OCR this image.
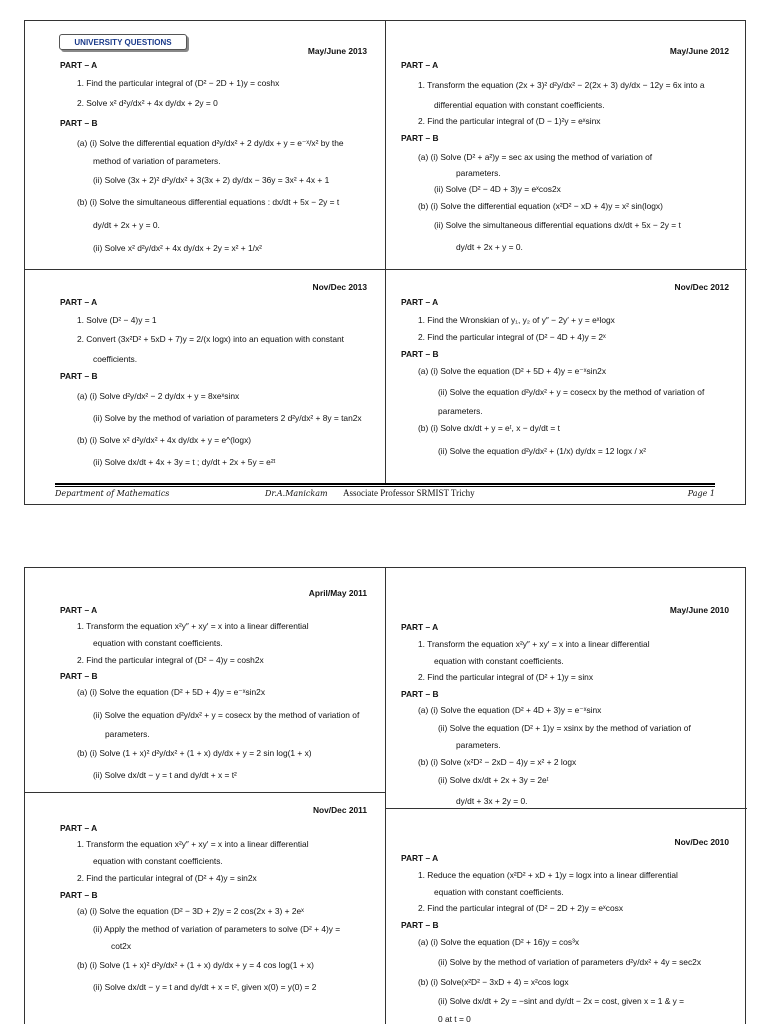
UNIVERSITY QUESTIONS
May/June 2013
PART – A
1. Find the particular integral of (D² − 2D + 1)y = coshx
2. Solve x² d²y/dx² + 4x dy/dx + 2y = 0
PART – B
(a) (i) Solve the differential equation d²y/dx² + 2 dy/dx + y = e⁻ˣ/x² by the
method of variation of parameters.
(ii) Solve (3x + 2)² d²y/dx² + 3(3x + 2) dy/dx − 36y = 3x² + 4x + 1
(b) (i) Solve the simultaneous differential equations : dx/dt + 5x − 2y = t
dy/dt + 2x + y = 0.
(ii) Solve x² d²y/dx² + 4x dy/dx + 2y = x² + 1/x²
May/June 2012
PART – A
1. Transform the equation (2x + 3)² d²y/dx² − 2(2x + 3) dy/dx − 12y = 6x into a
differential equation with constant coefficients.
2. Find the particular integral of (D − 1)²y = eˣsinx
PART – B
(a) (i) Solve (D² + a²)y = sec ax using the method of variation of
parameters.
(ii) Solve (D² − 4D + 3)y = eˣcos2x
(b) (i) Solve the differential equation (x²D² − xD + 4)y = x² sin(logx)
(ii) Solve the simultaneous differential equations dx/dt + 5x − 2y = t
dy/dt + 2x + y = 0.
Nov/Dec 2013
PART – A
1. Solve (D² − 4)y = 1
2. Convert (3x²D² + 5xD + 7)y = 2/(x logx) into an equation with constant
coefficients.
PART – B
(a) (i) Solve d²y/dx² − 2 dy/dx + y = 8xeˣsinx
(ii) Solve by the method of variation of parameters 2 d²y/dx² + 8y = tan2x
(b) (i) Solve x² d²y/dx² + 4x dy/dx + y = e^(logx)
(ii) Solve dx/dt + 4x + 3y = t ; dy/dt + 2x + 5y = e²ᵗ
Nov/Dec 2012
PART – A
1. Find the Wronskian of y₁, y₂ of y″ − 2y′ + y = eˣlogx
2. Find the particular integral of (D² − 4D + 4)y = 2ˣ
PART – B
(a) (i) Solve the equation (D² + 5D + 4)y = e⁻ˣsin2x
(ii) Solve the equation d²y/dx² + y = cosecx by the method of variation of
parameters.
(b) (i) Solve dx/dt + y = eᵗ, x − dy/dt = t
(ii) Solve the equation d²y/dx² + (1/x) dy/dx = 12 logx / x²
Department of Mathematics	Dr.A.Manickam Associate Professor SRMIST Trichy	Page 1
April/May 2011
PART – A
1. Transform the equation x²y″ + xy′ = x into a linear differential
equation with constant coefficients.
2. Find the particular integral of (D² − 4)y = cosh2x
PART – B
(a) (i) Solve the equation (D² + 5D + 4)y = e⁻ˣsin2x
(ii) Solve the equation d²y/dx² + y = cosecx by the method of variation of
parameters.
(b) (i) Solve (1 + x)² d²y/dx² + (1 + x) dy/dx + y = 2 sin log(1 + x)
(ii) Solve dx/dt − y = t and dy/dt + x = t²
May/June 2010
PART – A
1. Transform the equation x²y″ + xy′ = x into a linear differential
equation with constant coefficients.
2. Find the particular integral of (D² + 1)y = sinx
PART – B
(a) (i) Solve the equation (D² + 4D + 3)y = e⁻ˣsinx
(ii) Solve the equation (D² + 1)y = xsinx by the method of variation of
parameters.
(b) (i) Solve (x²D² − 2xD − 4)y = x² + 2 logx
(ii) Solve dx/dt + 2x + 3y = 2eᵗ
dy/dt + 3x + 2y = 0.
Nov/Dec 2011
PART – A
1. Transform the equation x²y″ + xy′ = x into a linear differential
equation with constant coefficients.
2. Find the particular integral of (D² + 4)y = sin2x
PART – B
(a) (i) Solve the equation (D² − 3D + 2)y = 2 cos(2x + 3) + 2eˣ
(ii) Apply the method of variation of parameters to solve (D² + 4)y =
cot2x
(b) (i) Solve (1 + x)² d²y/dx² + (1 + x) dy/dx + y = 4 cos log(1 + x)
(ii) Solve dx/dt − y = t and dy/dt + x = t², given x(0) = y(0) = 2
Nov/Dec 2010
PART – A
1. Reduce the equation (x²D² + xD + 1)y = logx into a linear differential
equation with constant coefficients.
2. Find the particular integral of (D² − 2D + 2)y = eˣcosx
PART – B
(a) (i) Solve the equation (D² + 16)y = cos³x
(ii) Solve by the method of variation of parameters d²y/dx² + 4y = sec2x
(b) (i) Solve(x²D² − 3xD + 4) = x²cos logx
(ii) Solve dx/dt + 2y = −sint and dy/dt − 2x = cost, given x = 1 & y =
0 at t = 0
